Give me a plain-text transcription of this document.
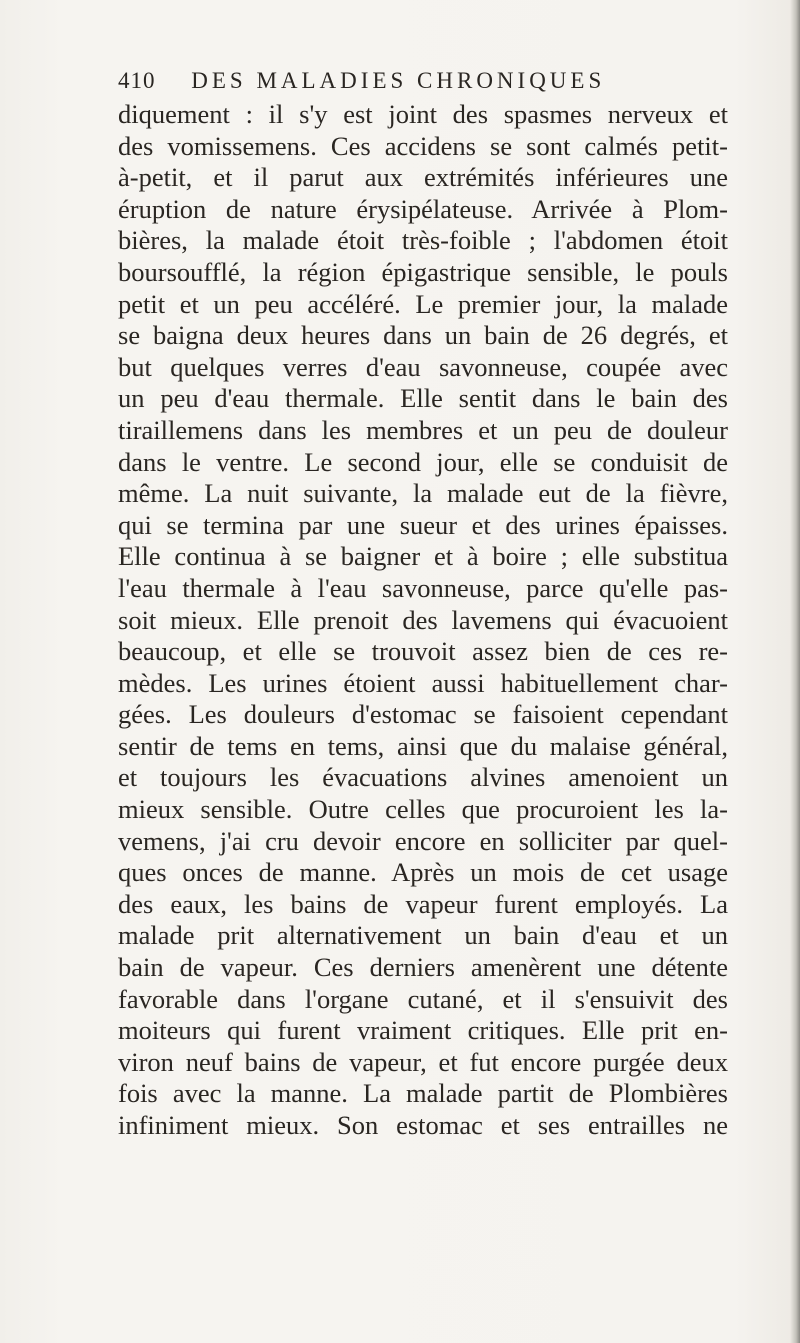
410 DES MALADIES CHRONIQUES
diquement : il s'y est joint des spasmes nerveux et
des vomissemens. Ces accidens se sont calmés petit-
à-petit, et il parut aux extrémités inférieures une
éruption de nature érysipélateuse. Arrivée à Plom-
bières, la malade étoit très-foible ; l'abdomen étoit
boursoufflé, la région épigastrique sensible, le pouls
petit et un peu accéléré. Le premier jour, la malade
se baigna deux heures dans un bain de 26 degrés, et
but quelques verres d'eau savonneuse, coupée avec
un peu d'eau thermale. Elle sentit dans le bain des
tiraillemens dans les membres et un peu de douleur
dans le ventre. Le second jour, elle se conduisit de
même. La nuit suivante, la malade eut de la fièvre,
qui se termina par une sueur et des urines épaisses.
Elle continua à se baigner et à boire ; elle substitua
l'eau thermale à l'eau savonneuse, parce qu'elle pas-
soit mieux. Elle prenoit des lavemens qui évacuoient
beaucoup, et elle se trouvoit assez bien de ces re-
mèdes. Les urines étoient aussi habituellement char-
gées. Les douleurs d'estomac se faisoient cependant
sentir de tems en tems, ainsi que du malaise général,
et toujours les évacuations alvines amenoient un
mieux sensible. Outre celles que procuroient les la-
vemens, j'ai cru devoir encore en solliciter par quel-
ques onces de manne. Après un mois de cet usage
des eaux, les bains de vapeur furent employés. La
malade prit alternativement un bain d'eau et un
bain de vapeur. Ces derniers amenèrent une détente
favorable dans l'organe cutané, et il s'ensuivit des
moiteurs qui furent vraiment critiques. Elle prit en-
viron neuf bains de vapeur, et fut encore purgée deux
fois avec la manne. La malade partit de Plombières
infiniment mieux. Son estomac et ses entrailles ne
